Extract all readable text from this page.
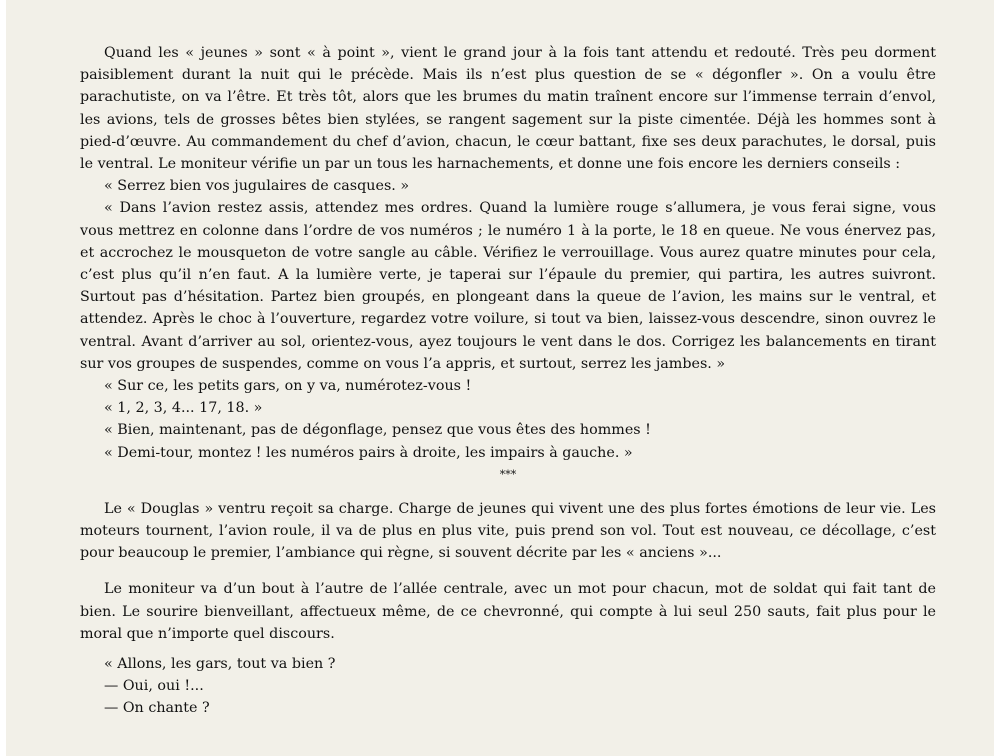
Quand les « jeunes » sont « à point », vient le grand jour à la fois tant attendu et redouté. Très peu dorment paisiblement durant la nuit qui le précède. Mais ils n’est plus question de se « dégonfler ». On a voulu être parachutiste, on va l’être. Et très tôt, alors que les brumes du matin traînent encore sur l’immense terrain d’envol, les avions, tels de grosses bêtes bien stylées, se rangent sagement sur la piste cimentée. Déjà les hommes sont à pied-d’œuvre. Au commandement du chef d’avion, chacun, le cœur battant, fixe ses deux parachutes, le dorsal, puis le ventral. Le moniteur vérifie un par un tous les harnachements, et donne une fois encore les derniers conseils :

« Serrez bien vos jugulaires de casques. »

« Dans l’avion restez assis, attendez mes ordres. Quand la lumière rouge s’allumera, je vous ferai signe, vous vous mettrez en colonne dans l’ordre de vos numéros ; le numéro 1 à la porte, le 18 en queue. Ne vous énervez pas, et accrochez le mousqueton de votre sangle au câble. Vérifiez le verrouillage. Vous aurez quatre minutes pour cela, c’est plus qu’il n’en faut. A la lumière verte, je taperai sur l’épaule du premier, qui partira, les autres suivront. Surtout pas d’hésitation. Partez bien groupés, en plongeant dans la queue de l’avion, les mains sur le ventral, et attendez. Après le choc à l’ouverture, regardez votre voilure, si tout va bien, laissez-vous descendre, sinon ouvrez le ventral. Avant d’arriver au sol, orientez-vous, ayez toujours le vent dans le dos. Corrigez les balancements en tirant sur vos groupes de suspendes, comme on vous l’a appris, et surtout, serrez les jambes. »

« Sur ce, les petits gars, on y va, numérotez-vous !

« 1, 2, 3, 4... 17, 18. »

« Bien, maintenant, pas de dégonflage, pensez que vous êtes des hommes !

« Demi-tour, montez ! les numéros pairs à droite, les impairs à gauche. »

***

Le « Douglas » ventru reçoit sa charge. Charge de jeunes qui vivent une des plus fortes émotions de leur vie. Les moteurs tournent, l’avion roule, il va de plus en plus vite, puis prend son vol. Tout est nouveau, ce décollage, c’est pour beaucoup le premier, l’ambiance qui règne, si souvent décrite par les « anciens »...

Le moniteur va d’un bout à l’autre de l’allée centrale, avec un mot pour chacun, mot de soldat qui fait tant de bien. Le sourire bienveillant, affectueux même, de ce chevronné, qui compte à lui seul 250 sauts, fait plus pour le moral que n’importe quel discours.

« Allons, les gars, tout va bien ?

— Oui, oui !...

— On chante ?
